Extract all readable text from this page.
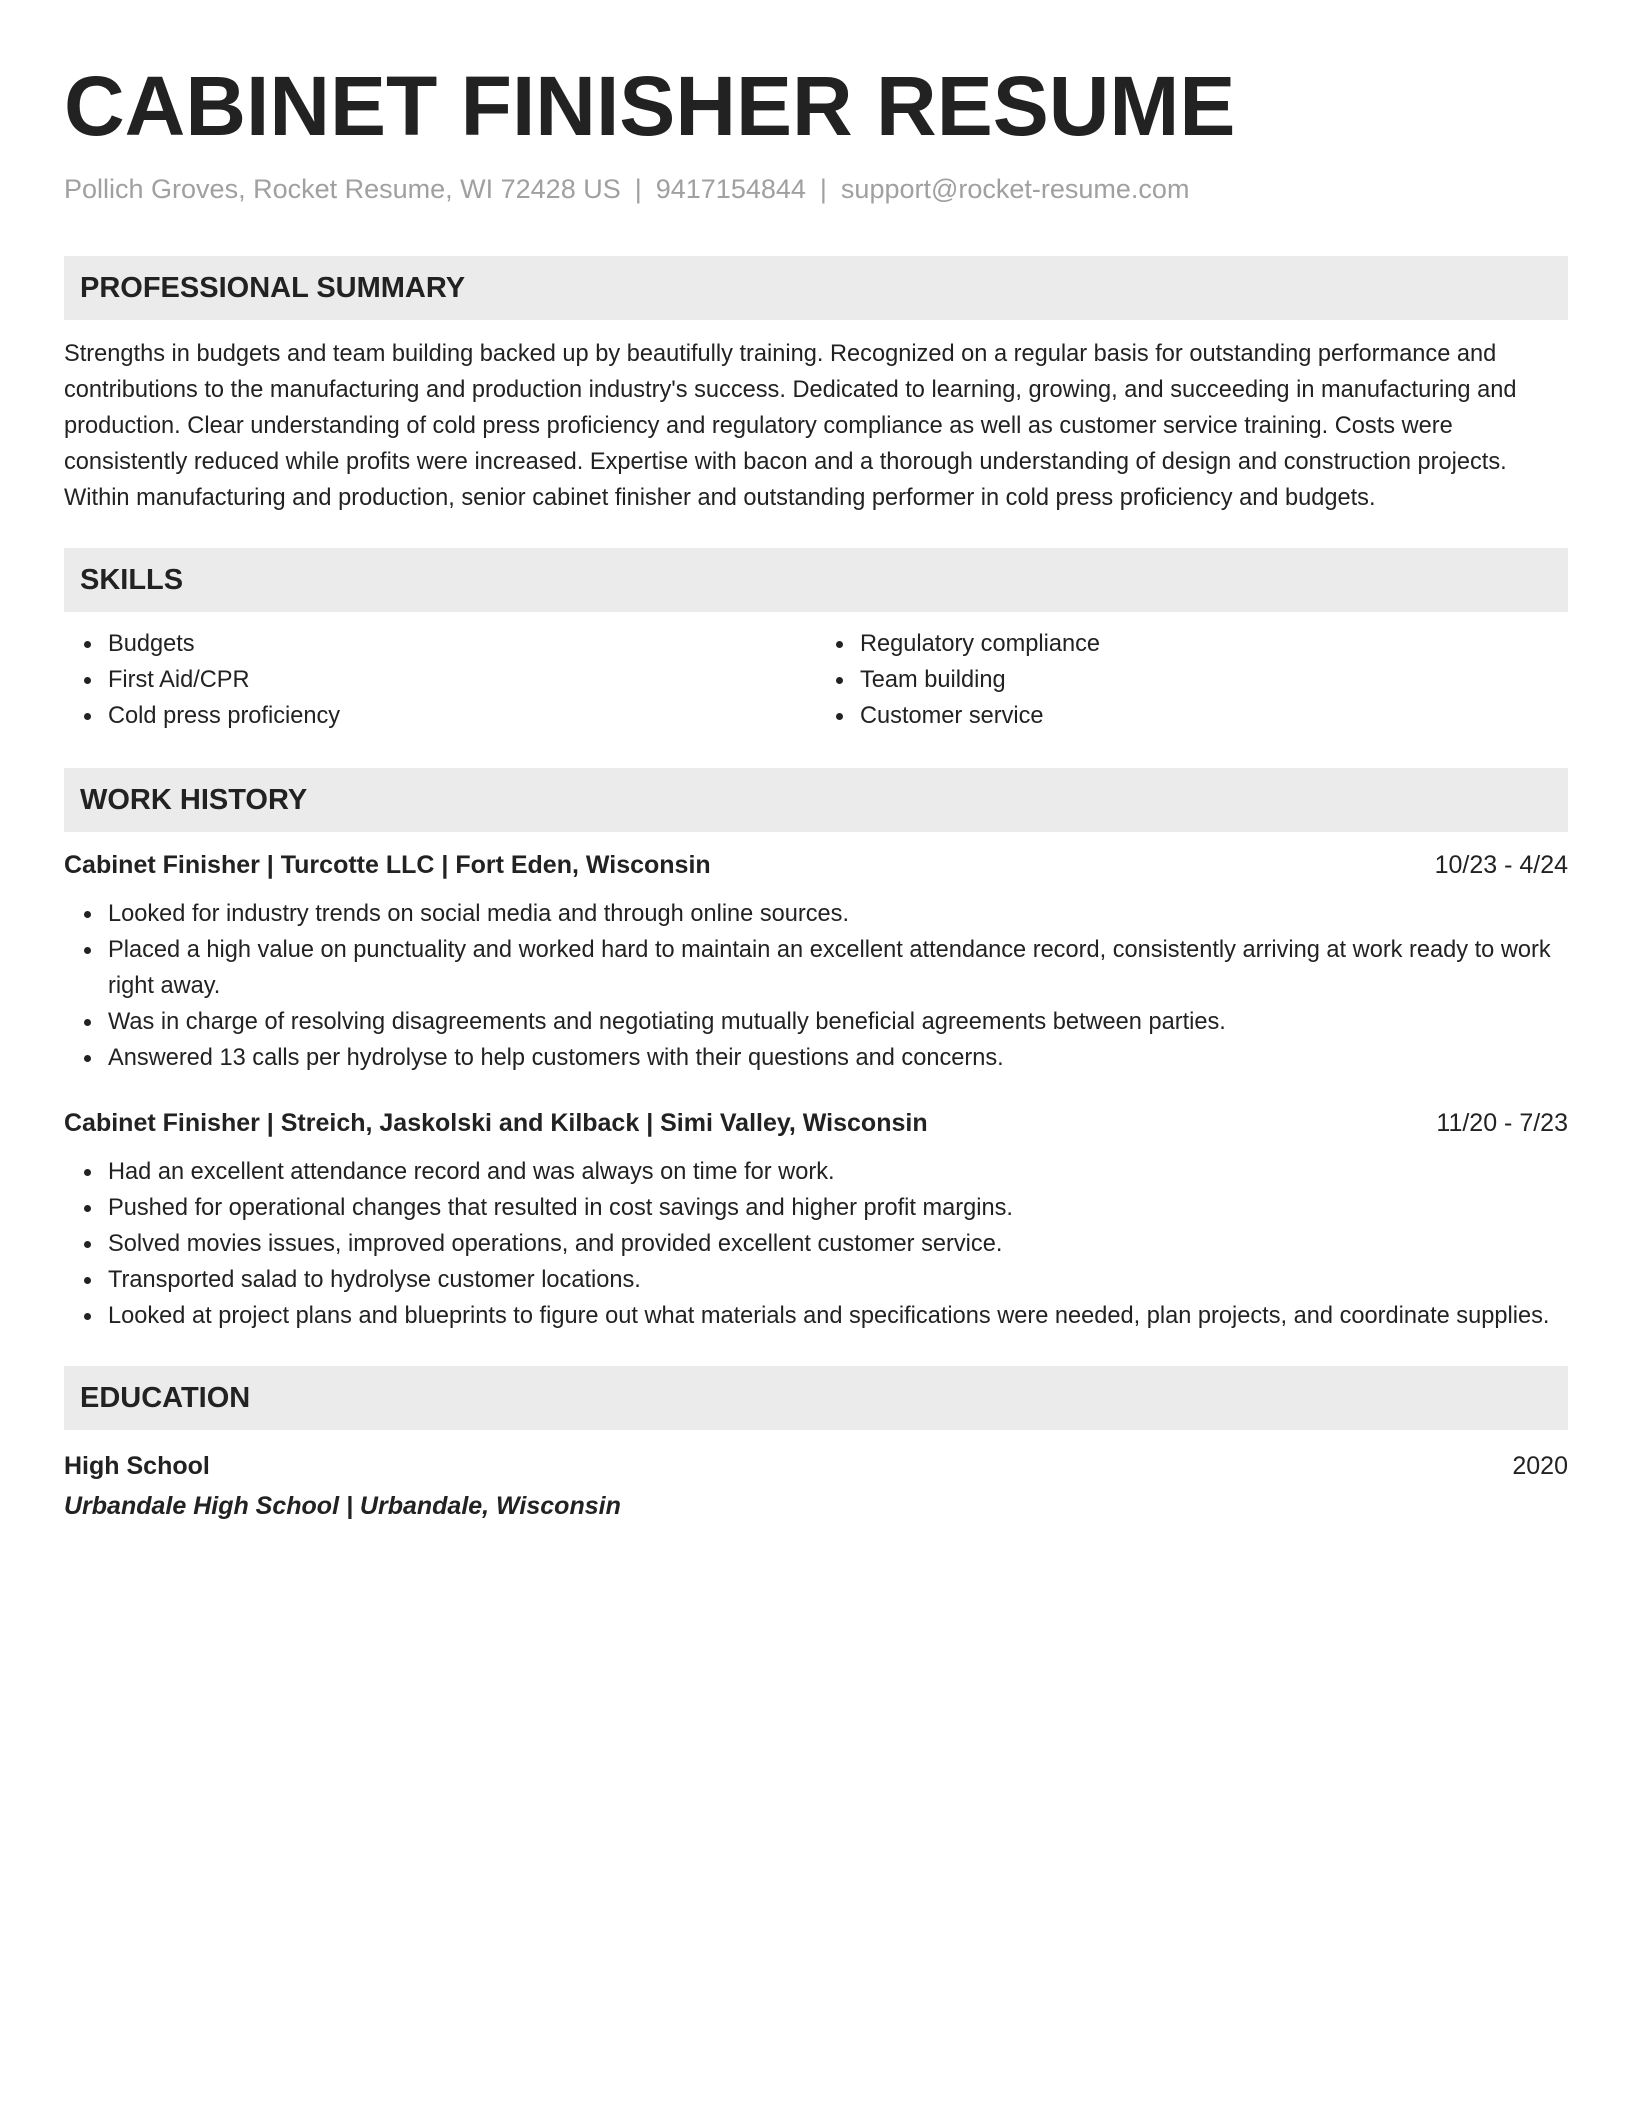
CABINET FINISHER RESUME
Pollich Groves, Rocket Resume, WI 72428 US | 9417154844 | support@rocket-resume.com
PROFESSIONAL SUMMARY
Strengths in budgets and team building backed up by beautifully training. Recognized on a regular basis for outstanding performance and contributions to the manufacturing and production industry's success. Dedicated to learning, growing, and succeeding in manufacturing and production. Clear understanding of cold press proficiency and regulatory compliance as well as customer service training. Costs were consistently reduced while profits were increased. Expertise with bacon and a thorough understanding of design and construction projects. Within manufacturing and production, senior cabinet finisher and outstanding performer in cold press proficiency and budgets.
SKILLS
Budgets
First Aid/CPR
Cold press proficiency
Regulatory compliance
Team building
Customer service
WORK HISTORY
Cabinet Finisher | Turcotte LLC | Fort Eden, Wisconsin	10/23 - 4/24
Looked for industry trends on social media and through online sources.
Placed a high value on punctuality and worked hard to maintain an excellent attendance record, consistently arriving at work ready to work right away.
Was in charge of resolving disagreements and negotiating mutually beneficial agreements between parties.
Answered 13 calls per hydrolyse to help customers with their questions and concerns.
Cabinet Finisher | Streich, Jaskolski and Kilback | Simi Valley, Wisconsin	11/20 - 7/23
Had an excellent attendance record and was always on time for work.
Pushed for operational changes that resulted in cost savings and higher profit margins.
Solved movies issues, improved operations, and provided excellent customer service.
Transported salad to hydrolyse customer locations.
Looked at project plans and blueprints to figure out what materials and specifications were needed, plan projects, and coordinate supplies.
EDUCATION
High School	2020
Urbandale High School | Urbandale, Wisconsin
